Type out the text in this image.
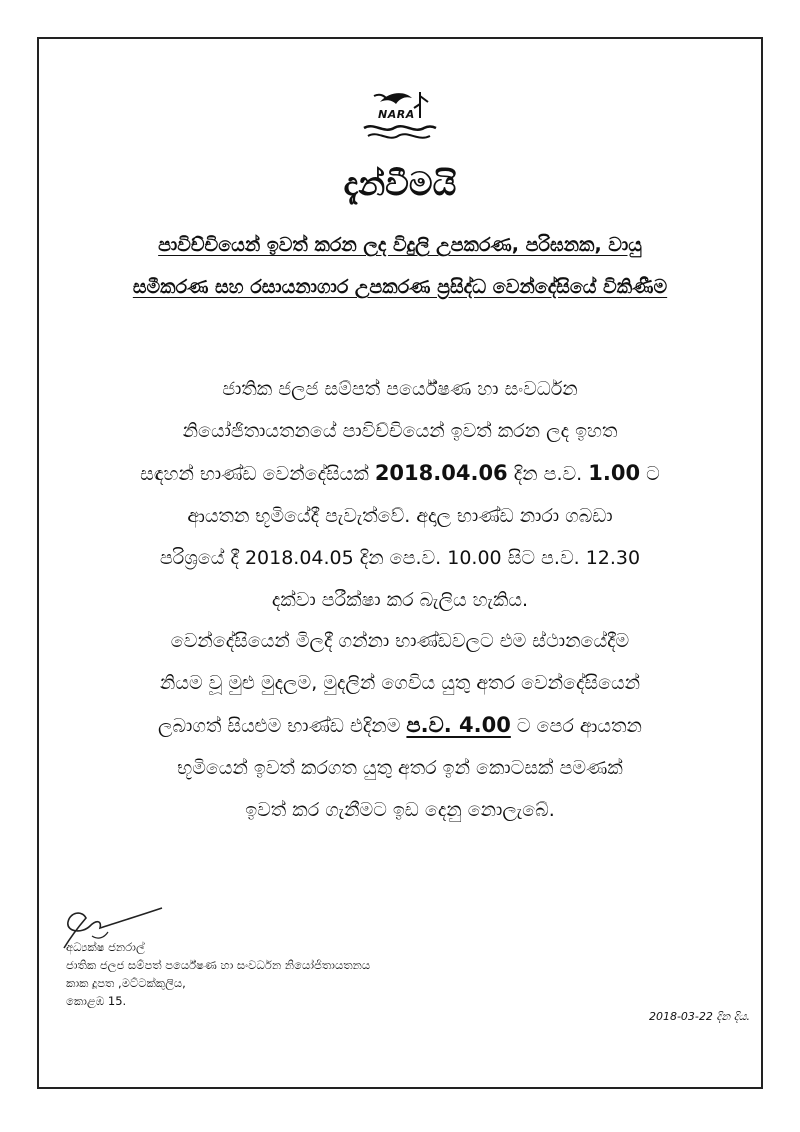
NARA
දැන්වීමයි
පාවිච්චියෙන් ඉවත් කරන ලද විදුලි උපකරණ, පරිඝනක, වායු
සමීකරණ සහ රසායනාගාර උපකරණ ප්‍රසිද්ධ වෙන්දේසියේ විකිණීම
ජාතික ජලජ සම්පත් පර්යේෂණ හා සංවර්ධන
නියෝජිතායතනයේ පාවිච්චියෙන් ඉවත් කරන ලද ඉහත
සඳහන් භාණ්ඩ වෙන්දේසියක් 2018.04.06 දින ප.ව. 1.00 ට
ආයතන භූමියේදී පැවැත්වේ. අදාල භාණ්ඩ නාරා ගබඩා
පරිශ්‍රයේ දී 2018.04.05 දින පෙ.ව. 10.00 සිට ප.ව. 12.30
දක්වා පරීක්ෂා කර බැලිය හැකිය.
වෙන්දේසියෙන් මිලදී ගන්නා භාණ්ඩවලට එම ස්ථානයේදීම
නියම වූ මුළු මුදලම, මුදලින් ගෙවිය යුතු අතර වෙන්දේසියෙන්
ලබාගත් සියළුම භාණ්ඩ එදිනම ප.ව. 4.00 ට පෙර ආයතන
භූමියෙන් ඉවත් කරගත යුතු අතර ඉන් කොටසක් පමණක්
ඉවත් කර ගැනීමට ඉඩ දෙනු නොලැබේ.
අධ්‍යක්ෂ ජනරාල්
ජාතික ජලජ සම්පත් පර්යේෂණ හා සංවර්ධන නියෝජිතායතනය
කාක දූපත ,මට්ටක්කුලිය,
කොළඹ 15.
2018-03-22 දින දිය.
